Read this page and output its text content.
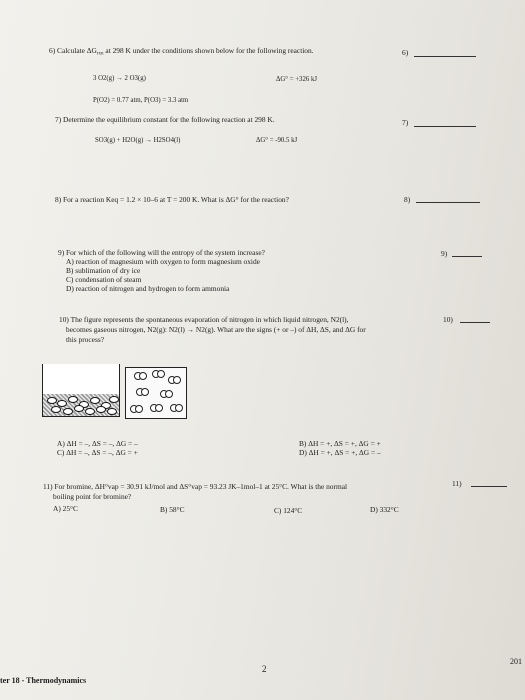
6) Calculate $\Delta G_{rxn}$ at 298 K under the conditions shown below for the following reaction.	6)
3 O2(g) → 2 O3(g)	ΔG° = +326 kJ
P(O2) = 0.77 atm, P(O3) = 3.3 atm
7) Determine the equilibrium constant for the following reaction at 298 K.	7)
SO3(g) + H2O(g) → H2SO4(l)	ΔG° = -90.5 kJ
8) For a reaction Keq = 1.2 × 10–6 at T = 200 K. What is ΔG° for the reaction?	8)
9) For which of the following will the entropy of the system increase?	9)
A) reaction of magnesium with oxygen to form magnesium oxide
B) sublimation of dry ice
C) condensation of steam
D) reaction of nitrogen and hydrogen to form ammonia
10) The figure represents the spontaneous evaporation of nitrogen in which liquid nitrogen, N2(l),
becomes gaseous nitrogen, N2(g): N2(l) → N2(g). What are the signs (+ or –) of ΔH, ΔS, and ΔG for
this process?
10)
A) ΔH = –, ΔS = –, ΔG = –
C) ΔH = –, ΔS = –, ΔG = +
B) ΔH = +, ΔS = +, ΔG = +
D) ΔH = +, ΔS = +, ΔG = –
11) For bromine, ΔH°vap = 30.91 kJ/mol and ΔS°vap = 93.23 JK–1mol–1 at 25°C. What is the normal
boiling point for bromine?
11)
A) 25°C	B) 58°C	C) 124°C	D) 332°C
2
ter 18 - Thermodynamics
201
